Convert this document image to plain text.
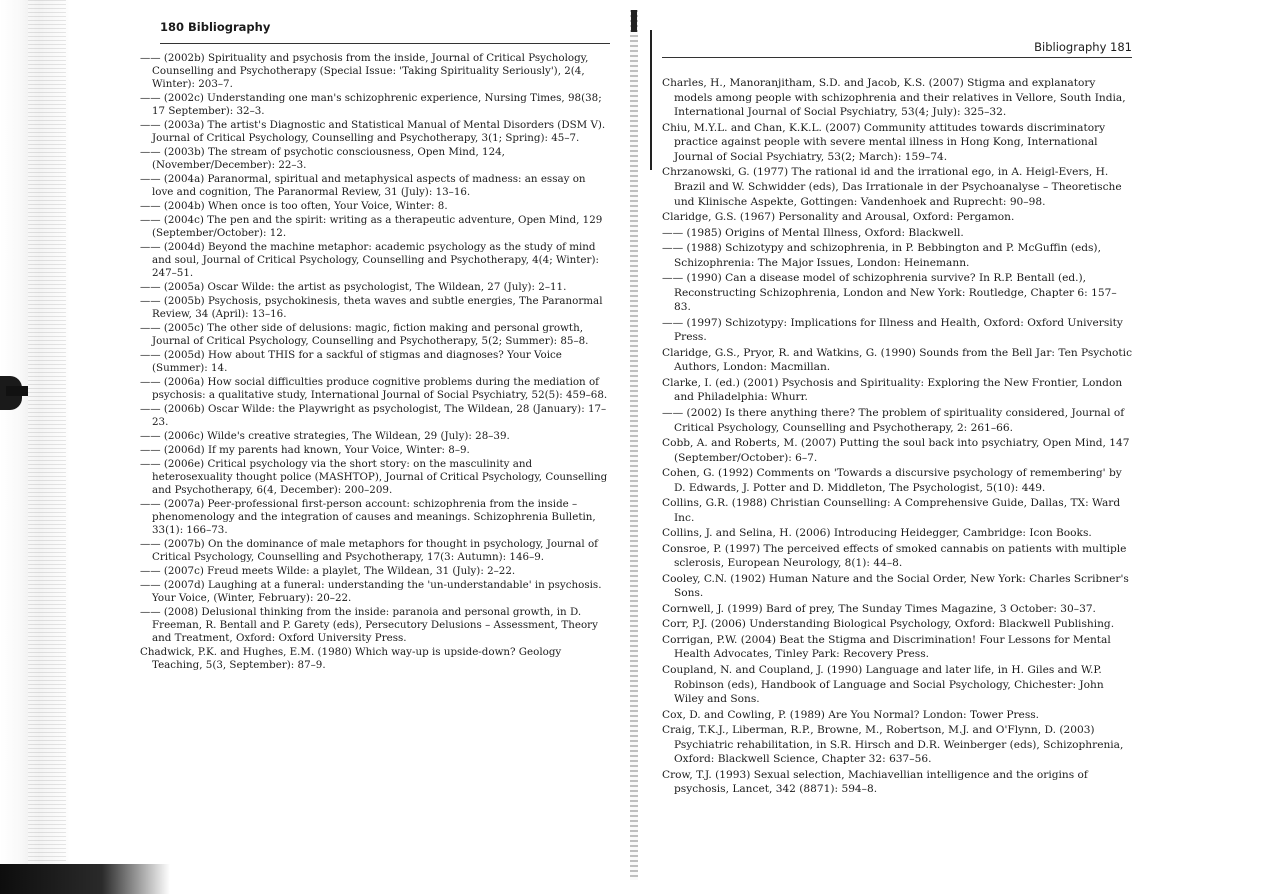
180 Bibliography

—— (2002b) Spirituality and psychosis from the inside, Journal of Critical Psychology, Counselling and Psychotherapy (Special Issue: 'Taking Spirituality Seriously'), 2(4, Winter): 203–7.

—— (2002c) Understanding one man's schizophrenic experience, Nursing Times, 98(38; 17 September): 32–3.

—— (2003a) The artist's Diagnostic and Statistical Manual of Mental Disorders (DSM V). Journal of Critical Psychology, Counselling and Psychotherapy, 3(1; Spring): 45–7.

—— (2003b) The stream of psychotic consciousness, Open Mind, 124, (November/December): 22–3.

—— (2004a) Paranormal, spiritual and metaphysical aspects of madness: an essay on love and cognition, The Paranormal Review, 31 (July): 13–16.

—— (2004b) When once is too often, Your Voice, Winter: 8.

—— (2004c) The pen and the spirit: writing as a therapeutic adventure, Open Mind, 129 (September/October): 12.

—— (2004d) Beyond the machine metaphor: academic psychology as the study of mind and soul, Journal of Critical Psychology, Counselling and Psychotherapy, 4(4; Winter): 247–51.

—— (2005a) Oscar Wilde: the artist as psychologist, The Wildean, 27 (July): 2–11.

—— (2005b) Psychosis, psychokinesis, theta waves and subtle energies, The Paranormal Review, 34 (April): 13–16.

—— (2005c) The other side of delusions: magic, fiction making and personal growth, Journal of Critical Psychology, Counselling and Psychotherapy, 5(2; Summer): 85–8.

—— (2005d) How about THIS for a sackful of stigmas and diagnoses? Your Voice (Summer): 14.

—— (2006a) How social difficulties produce cognitive problems during the mediation of psychosis: a qualitative study, International Journal of Social Psychiatry, 52(5): 459–68.

—— (2006b) Oscar Wilde: the Playwright as psychologist, The Wildean, 28 (January): 17–23.

—— (2006c) Wilde's creative strategies, The Wildean, 29 (July): 28–39.

—— (2006d) If my parents had known, Your Voice, Winter: 8–9.

—— (2006e) Critical psychology via the short story: on the masculinity and heterosexuality thought police (MASHTOP), Journal of Critical Psychology, Counselling and Psychotherapy, 6(4, December): 200–209.

—— (2007a) Peer-professional first-person account: schizophrenia from the inside – phenomenology and the integration of causes and meanings. Schizophrenia Bulletin, 33(1): 166–73.

—— (2007b) On the dominance of male metaphors for thought in psychology, Journal of Critical Psychology, Counselling and Psychotherapy, 17(3: Autumn): 146–9.

—— (2007c) Freud meets Wilde: a playlet, The Wildean, 31 (July): 2–22.

—— (2007d) Laughing at a funeral: understanding the 'un-understandable' in psychosis. Your Voice, (Winter, February): 20–22.

—— (2008) Delusional thinking from the inside: paranoia and personal growth, in D. Freeman, R. Bentall and P. Garety (eds), Persecutory Delusions – Assessment, Theory and Treatment, Oxford: Oxford University Press.

Chadwick, P.K. and Hughes, E.M. (1980) Which way-up is upside-down? Geology Teaching, 5(3, September): 87–9.

Bibliography 181

Charles, H., Manoranjitham, S.D. and Jacob, K.S. (2007) Stigma and explanatory models among people with schizophrenia and their relatives in Vellore, South India, International Journal of Social Psychiatry, 53(4; July): 325–32.

Chiu, M.Y.L. and Chan, K.K.L. (2007) Community attitudes towards discriminatory practice against people with severe mental illness in Hong Kong, International Journal of Social Psychiatry, 53(2; March): 159–74.

Chrzanowski, G. (1977) The rational id and the irrational ego, in A. Heigl-Evers, H. Brazil and W. Schwidder (eds), Das Irrationale in der Psychoanalyse – Theoretische und Klinische Aspekte, Gottingen: Vandenhoek and Ruprecht: 90–98.

Claridge, G.S. (1967) Personality and Arousal, Oxford: Pergamon.

—— (1985) Origins of Mental Illness, Oxford: Blackwell.

—— (1988) Schizotypy and schizophrenia, in P. Bebbington and P. McGuffin (eds), Schizophrenia: The Major Issues, London: Heinemann.

—— (1990) Can a disease model of schizophrenia survive? In R.P. Bentall (ed.), Reconstructing Schizophrenia, London and New York: Routledge, Chapter 6: 157–83.

—— (1997) Schizotypy: Implications for Illness and Health, Oxford: Oxford University Press.

Claridge, G.S., Pryor, R. and Watkins, G. (1990) Sounds from the Bell Jar: Ten Psychotic Authors, London: Macmillan.

Clarke, I. (ed.) (2001) Psychosis and Spirituality: Exploring the New Frontier, London and Philadelphia: Whurr.

—— (2002) Is there anything there? The problem of spirituality considered, Journal of Critical Psychology, Counselling and Psychotherapy, 2: 261–66.

Cobb, A. and Roberts, M. (2007) Putting the soul back into psychiatry, Open Mind, 147 (September/October): 6–7.

Cohen, G. (1992) Comments on 'Towards a discursive psychology of remembering' by D. Edwards, J. Potter and D. Middleton, The Psychologist, 5(10): 449.

Collins, G.R. (1988) Christian Counselling: A Comprehensive Guide, Dallas, TX: Ward Inc.

Collins, J. and Selina, H. (2006) Introducing Heidegger, Cambridge: Icon Books.

Consroe, P. (1997) The perceived effects of smoked cannabis on patients with multiple sclerosis, European Neurology, 8(1): 44–8.

Cooley, C.N. (1902) Human Nature and the Social Order, New York: Charles Scribner's Sons.

Cornwell, J. (1999) Bard of prey, The Sunday Times Magazine, 3 October: 30–37.

Corr, P.J. (2006) Understanding Biological Psychology, Oxford: Blackwell Publishing.

Corrigan, P.W. (2004) Beat the Stigma and Discrimination! Four Lessons for Mental Health Advocates, Tinley Park: Recovery Press.

Coupland, N. and Coupland, J. (1990) Language and later life, in H. Giles and W.P. Robinson (eds), Handbook of Language and Social Psychology, Chichester: John Wiley and Sons.

Cox, D. and Cowling, P. (1989) Are You Normal? London: Tower Press.

Craig, T.K.J., Liberman, R.P., Browne, M., Robertson, M.J. and O'Flynn, D. (2003) Psychiatric rehabilitation, in S.R. Hirsch and D.R. Weinberger (eds), Schizophrenia, Oxford: Blackwell Science, Chapter 32: 637–56.

Crow, T.J. (1993) Sexual selection, Machiavellian intelligence and the origins of psychosis, Lancet, 342 (8871): 594–8.
